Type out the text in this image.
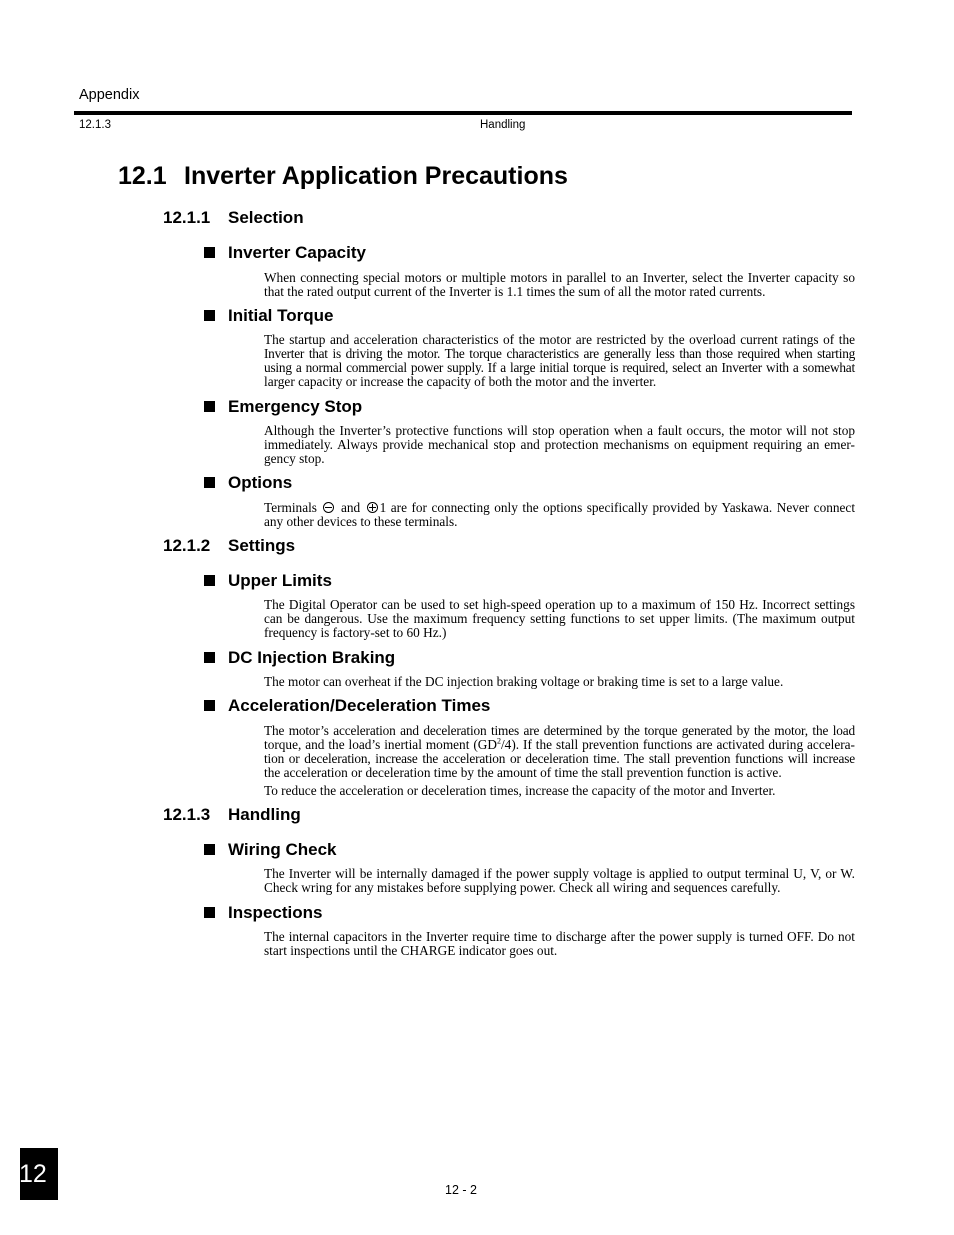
Appendix
12.1.3	Handling
12.1 Inverter Application Precautions
12.1.1 Selection
Inverter Capacity
When connecting special motors or multiple motors in parallel to an Inverter, select the Inverter capacity so
that the rated output current of the Inverter is 1.1 times the sum of all the motor rated currents.
Initial Torque
The startup and acceleration characteristics of the motor are restricted by the overload current ratings of the
Inverter that is driving the motor. The torque characteristics are generally less than those required when starting
using a normal commercial power supply. If a large initial torque is required, select an Inverter with a somewhat
larger capacity or increase the capacity of both the motor and the inverter.
Emergency Stop
Although the Inverter’s protective functions will stop operation when a fault occurs, the motor will not stop
immediately. Always provide mechanical stop and protection mechanisms on equipment requiring an emer-
gency stop.
Options
Terminals and 1 are for connecting only the options specifically provided by Yaskawa. Never connect
any other devices to these terminals.
12.1.2 Settings
Upper Limits
The Digital Operator can be used to set high-speed operation up to a maximum of 150 Hz. Incorrect settings
can be dangerous. Use the maximum frequency setting functions to set upper limits. (The maximum output
frequency is factory-set to 60 Hz.)
DC Injection Braking
The motor can overheat if the DC injection braking voltage or braking time is set to a large value.
Acceleration/Deceleration Times
The motor’s acceleration and deceleration times are determined by the torque generated by the motor, the load
torque, and the load’s inertial moment $(GD^2/4)$. If the stall prevention functions are activated during accelera-
tion or deceleration, increase the acceleration or deceleration time. The stall prevention functions will increase
the acceleration or deceleration time by the amount of time the stall prevention function is active.
To reduce the acceleration or deceleration times, increase the capacity of the motor and Inverter.
12.1.3 Handling
Wiring Check
The Inverter will be internally damaged if the power supply voltage is applied to output terminal U, V, or W.
Check wring for any mistakes before supplying power. Check all wiring and sequences carefully.
Inspections
The internal capacitors in the Inverter require time to discharge after the power supply is turned OFF. Do not
start inspections until the CHARGE indicator goes out.
12
12 - 2
